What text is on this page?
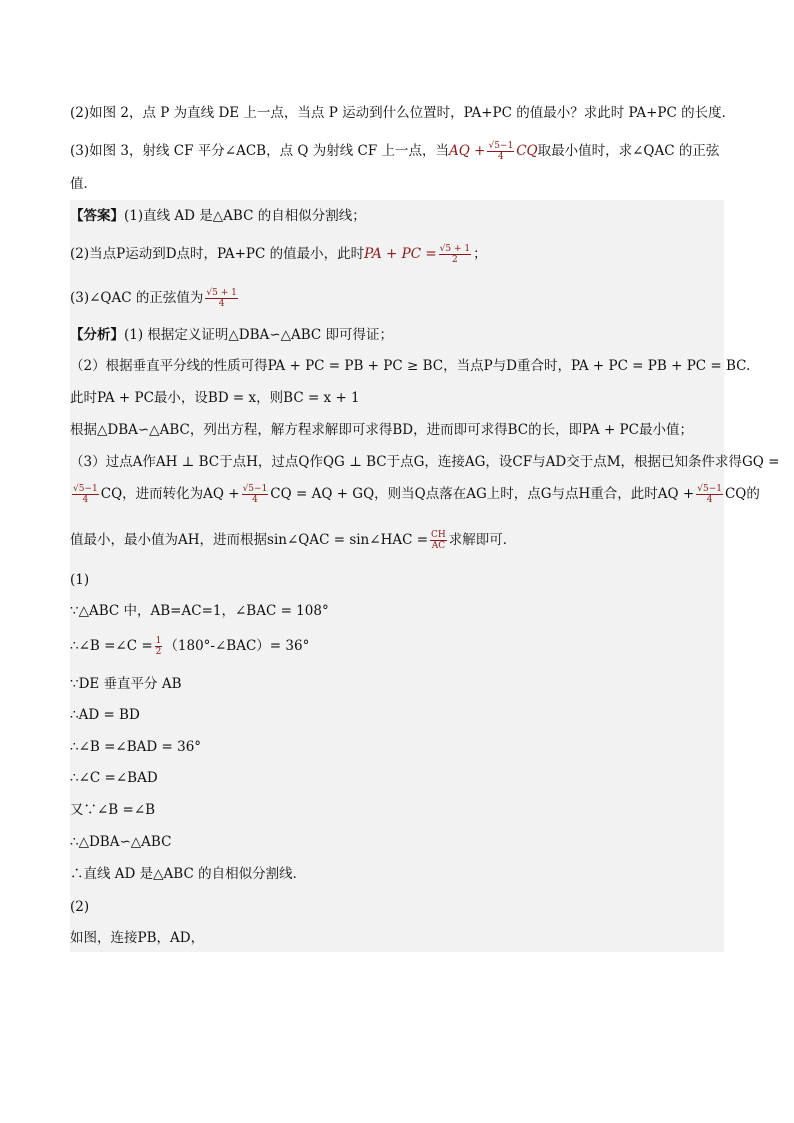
(2)如图 2，点 P 为直线 DE 上一点，当点 P 运动到什么位置时，PA+PC 的值最小？求此时 PA+PC 的长度．
(3)如图 3，射线 CF 平分∠ACB，点 Q 为射线 CF 上一点，当AQ + $\frac{√5-1}{4}$ CQ取最小值时，求∠QAC 的正弦
值．
【答案】(1)直线 AD 是△ABC 的自相似分割线；
(2)当点P运动到D点时，PA+PC 的值最小，此时PA + PC = $\frac{√5 + 1}{2}$ ；
(3)∠QAC 的正弦值为 $\frac{√5 + 1}{4}$
【分析】(1) 根据定义证明△DBA∽△ABC 即可得证；
（2）根据垂直平分线的性质可得PA + PC = PB + PC ≥ BC，当点P与D重合时，PA + PC = PB + PC = BC.
此时PA + PC最小，设BD = x，则BC = x + 1
根据△DBA∽△ABC，列出方程，解方程求解即可求得BD，进而即可求得BC的长，即PA + PC最小值；
（3）过点A作AH ⊥ BC于点H，过点Q作QG ⊥ BC于点G，连接AG，设CF与AD交于点M，根据已知条件求得GQ =
$\frac{√5-1}{4}$ CQ，进而转化为AQ + $\frac{√5-1}{4}$ CQ = AQ + GQ，则当Q点落在AG上时，点G与点H重合，此时AQ + $\frac{√5-1}{4}$ CQ的
值最小，最小值为AH，进而根据sin∠QAC = sin∠HAC = $\frac{CH}{AC}$ 求解即可．
(1)
∵△ABC 中，AB=AC=1，∠BAC = 108°
∴∠B =∠C = $\frac{1}{2}$ （180°-∠BAC）= 36°
∵DE 垂直平分 AB
∴AD = BD
∴∠B =∠BAD = 36°
∴∠C =∠BAD
又∵∠B =∠B
∴△DBA∽△ABC
∴直线 AD 是△ABC 的自相似分割线．
(2)
如图，连接PB，AD，
